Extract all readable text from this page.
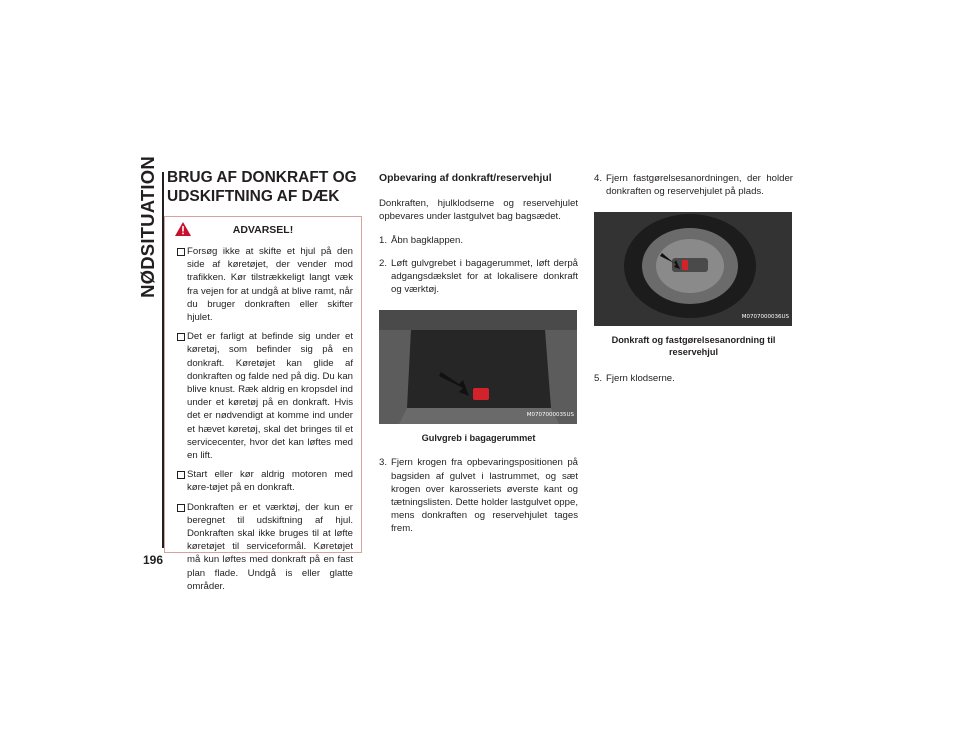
NØDSITUATION
196
BRUG AF DONKRAFT OG UDSKIFTNING AF DÆK
ADVARSEL!
Forsøg ikke at skifte et hjul på den side af køretøjet, der vender mod trafikken. Kør tilstrækkeligt langt væk fra vejen for at undgå at blive ramt, når du bruger donkraften eller skifter hjulet.
Det er farligt at befinde sig under et køretøj, som befinder sig på en donkraft. Køretøjet kan glide af donkraften og falde ned på dig. Du kan blive knust. Ræk aldrig en kropsdel ind under et køretøj på en donkraft. Hvis det er nødvendigt at komme ind under et hævet køretøj, skal det bringes til et servicecenter, hvor det kan løftes med en lift.
Start eller kør aldrig motoren med køre-tøjet på en donkraft.
Donkraften er et værktøj, der kun er beregnet til udskiftning af hjul. Donkraften skal ikke bruges til at løfte køretøjet til serviceformål. Køretøjet må kun løftes med donkraft på en fast plan flade. Undgå is eller glatte områder.
Opbevaring af donkraft/reservehjul

Donkraften, hjulklodserne og reservehjulet opbevares under lastgulvet bag bagsædet.

1. Åbn bagklappen.
2. Løft gulvgrebet i bagagerummet, løft derpå adgangsdækslet for at lokalisere donkraft og værktøj.
M0707000035US
Gulvgreb i bagagerummet
3. Fjern krogen fra opbevaringspositionen på bagsiden af gulvet i lastrummet, og sæt krogen over karosseriets øverste kant og tætningslisten. Dette holder lastgulvet oppe, mens donkraften og reservehjulet tages frem.
4. Fjern fastgørelsesanordningen, der holder donkraften og reservehjulet på plads.
M0707000036US
Donkraft og fastgørelsesanordning til reservehjul
5. Fjern klodserne.
